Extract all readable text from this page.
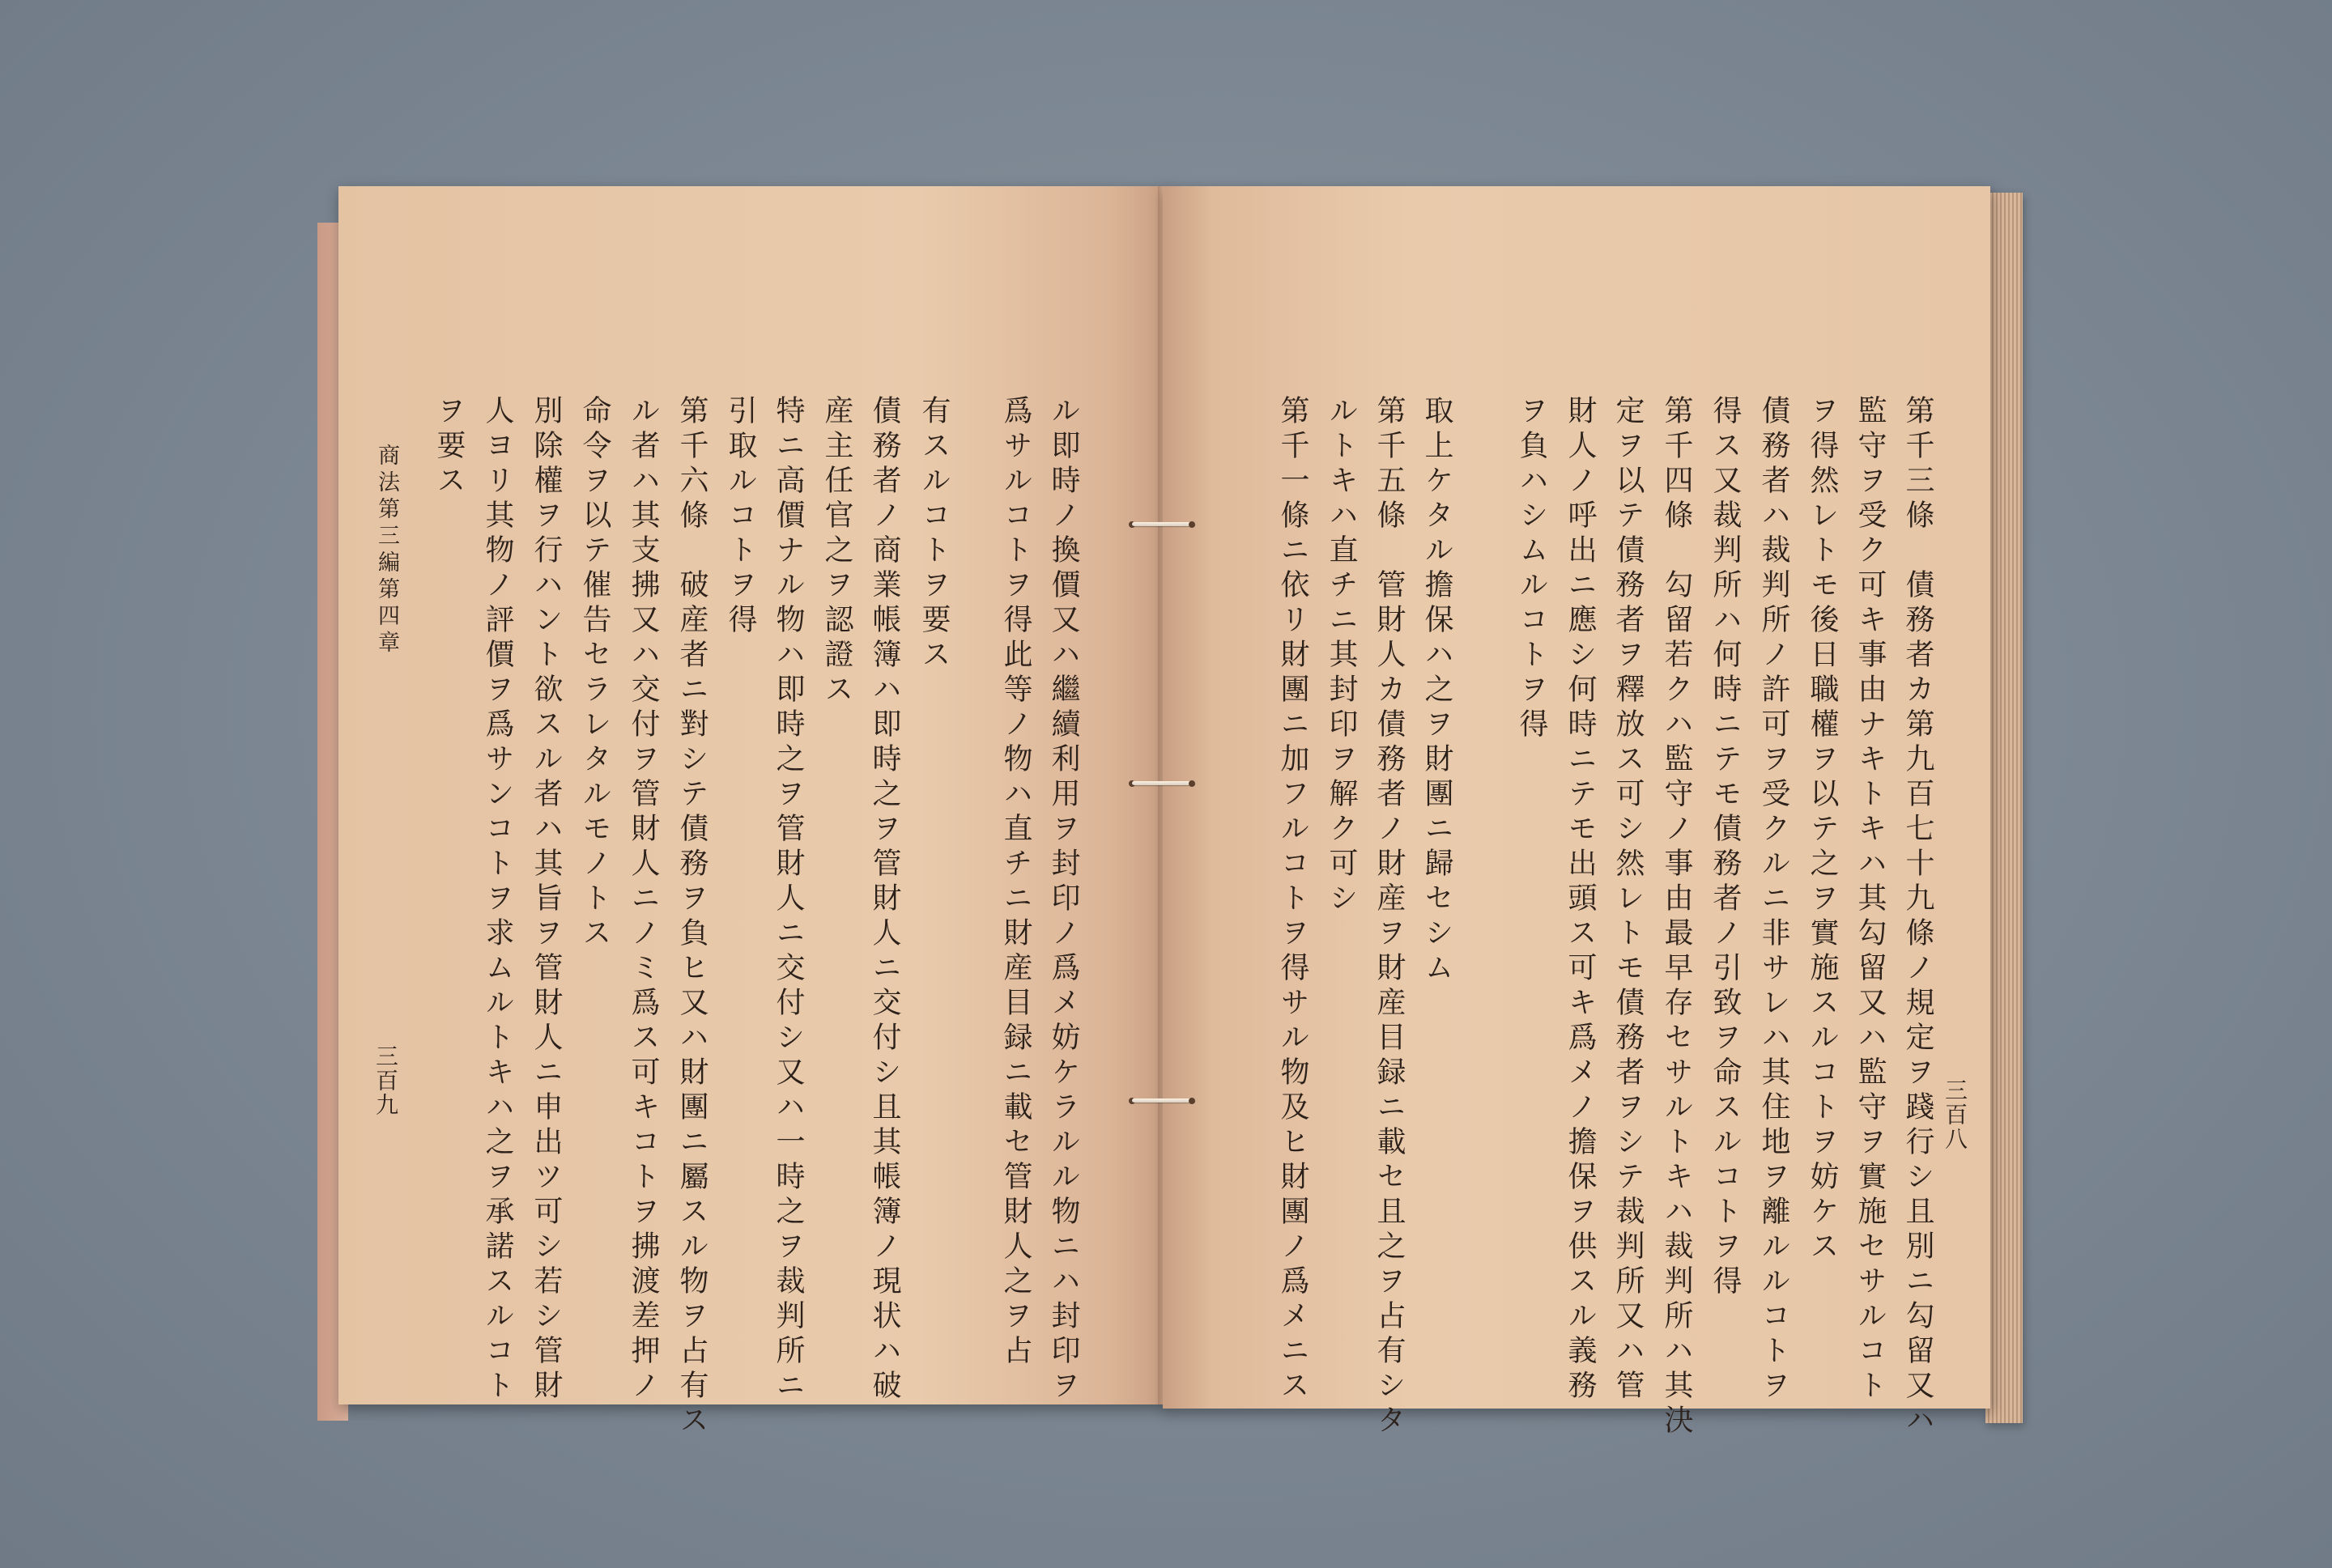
ル即時ノ換價又ハ繼續利用ヲ封印ノ爲メ妨ケラルル物ニハ封印ヲ
爲サルコトヲ得此等ノ物ハ直チニ財産目録ニ載セ管財人之ヲ占
有スルコトヲ要ス
債務者ノ商業帳簿ハ即時之ヲ管財人ニ交付シ且其帳簿ノ現状ハ破
産主任官之ヲ認證ス
特ニ高價ナル物ハ即時之ヲ管財人ニ交付シ又ハ一時之ヲ裁判所ニ
引取ルコトヲ得
第千六條　破産者ニ對シテ債務ヲ負ヒ又ハ財團ニ屬スル物ヲ占有ス
ル者ハ其支拂又ハ交付ヲ管財人ニノミ爲ス可キコトヲ拂渡差押ノ
命令ヲ以テ催告セラレタルモノトス
別除權ヲ行ハント欲スル者ハ其旨ヲ管財人ニ申出ツ可シ若シ管財
人ヨリ其物ノ評價ヲ爲サンコトヲ求ムルトキハ之ヲ承諾スルコト
ヲ要ス
商法第三編第四章
三百九	第千三條　債務者カ第九百七十九條ノ規定ヲ踐行シ且別ニ勾留又ハ
監守ヲ受ク可キ事由ナキトキハ其勾留又ハ監守ヲ實施セサルコト
ヲ得然レトモ後日職權ヲ以テ之ヲ實施スルコトヲ妨ケス
債務者ハ裁判所ノ許可ヲ受クルニ非サレハ其住地ヲ離ルルコトヲ
得ス又裁判所ハ何時ニテモ債務者ノ引致ヲ命スルコトヲ得
第千四條　勾留若クハ監守ノ事由最早存セサルトキハ裁判所ハ其決
定ヲ以テ債務者ヲ釋放ス可シ然レトモ債務者ヲシテ裁判所又ハ管
財人ノ呼出ニ應シ何時ニテモ出頭ス可キ爲メノ擔保ヲ供スル義務
ヲ負ハシムルコトヲ得
取上ケタル擔保ハ之ヲ財團ニ歸セシム
第千五條　管財人カ債務者ノ財産ヲ財産目録ニ載セ且之ヲ占有シタ
ルトキハ直チニ其封印ヲ解ク可シ
第千一條ニ依リ財團ニ加フルコトヲ得サル物及ヒ財團ノ爲メニス	三百八
